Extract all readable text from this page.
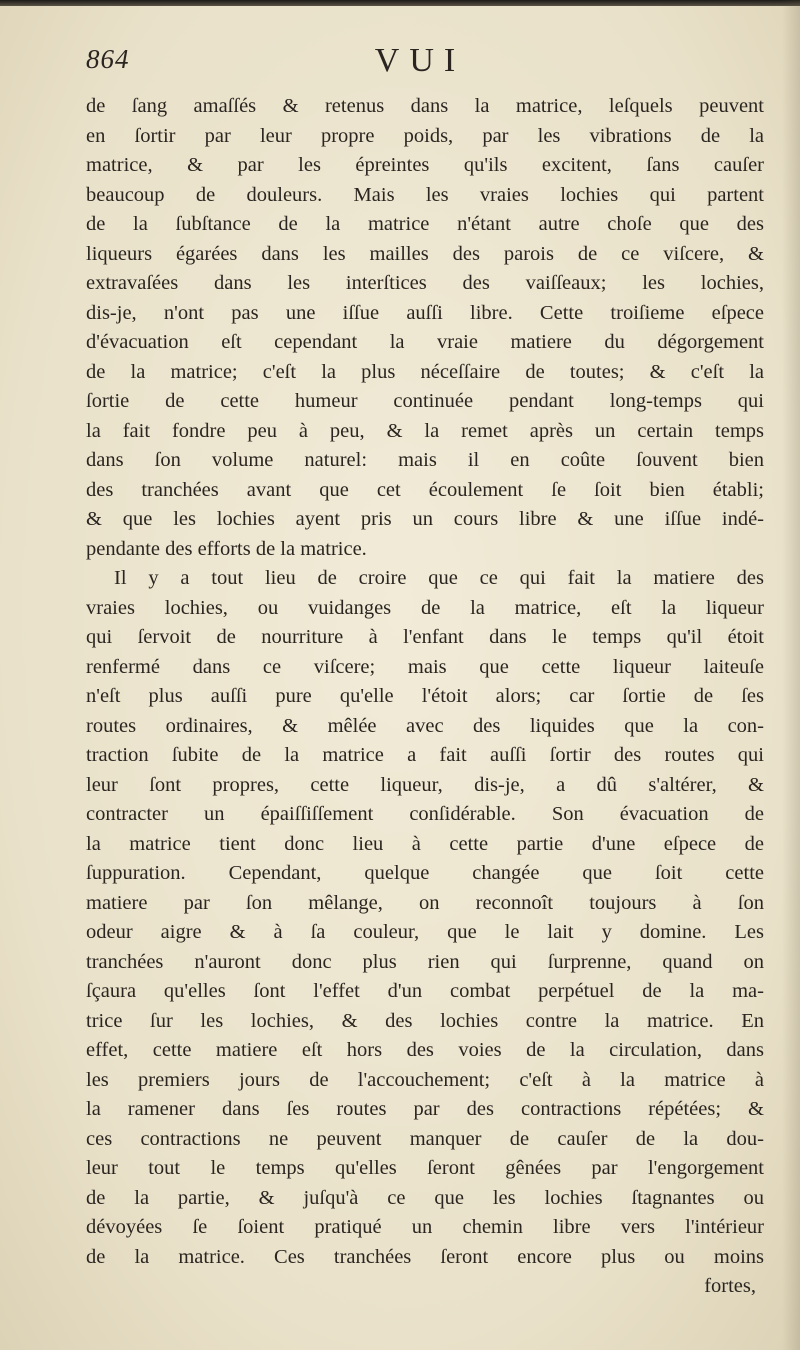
864	VUI
de ſang amaſſés & retenus dans la matrice, leſquels peuvent
en ſortir par leur propre poids, par les vibrations de la
matrice, & par les épreintes qu'ils excitent, ſans cauſer
beaucoup de douleurs. Mais les vraies lochies qui partent
de la ſubſtance de la matrice n'étant autre choſe que des
liqueurs égarées dans les mailles des parois de ce viſcere, &
extravaſées dans les interſtices des vaiſſeaux; les lochies,
dis-je, n'ont pas une iſſue auſſi libre. Cette troiſieme eſpece
d'évacuation eſt cependant la vraie matiere du dégorgement
de la matrice; c'eſt la plus néceſſaire de toutes; & c'eſt la
ſortie de cette humeur continuée pendant long-temps qui
la fait fondre peu à peu, & la remet après un certain temps
dans ſon volume naturel: mais il en coûte ſouvent bien
des tranchées avant que cet écoulement ſe ſoit bien établi;
& que les lochies ayent pris un cours libre & une iſſue indé-
pendante des efforts de la matrice.
Il y a tout lieu de croire que ce qui fait la matiere des
vraies lochies, ou vuidanges de la matrice, eſt la liqueur
qui ſervoit de nourriture à l'enfant dans le temps qu'il étoit
renfermé dans ce viſcere; mais que cette liqueur laiteuſe
n'eſt plus auſſi pure qu'elle l'étoit alors; car ſortie de ſes
routes ordinaires, & mêlée avec des liquides que la con-
traction ſubite de la matrice a fait auſſi ſortir des routes qui
leur ſont propres, cette liqueur, dis-je, a dû s'altérer, &
contracter un épaiſſiſſement conſidérable. Son évacuation de
la matrice tient donc lieu à cette partie d'une eſpece de
ſuppuration. Cependant, quelque changée que ſoit cette
matiere par ſon mêlange, on reconnoît toujours à ſon
odeur aigre & à ſa couleur, que le lait y domine. Les
tranchées n'auront donc plus rien qui ſurprenne, quand on
ſçaura qu'elles ſont l'effet d'un combat perpétuel de la ma-
trice ſur les lochies, & des lochies contre la matrice. En
effet, cette matiere eſt hors des voies de la circulation, dans
les premiers jours de l'accouchement; c'eſt à la matrice à
la ramener dans ſes routes par des contractions répétées; &
ces contractions ne peuvent manquer de cauſer de la dou-
leur tout le temps qu'elles ſeront gênées par l'engorgement
de la partie, & juſqu'à ce que les lochies ſtagnantes ou
dévoyées ſe ſoient pratiqué un chemin libre vers l'intérieur
de la matrice. Ces tranchées ſeront encore plus ou moins
fortes,
